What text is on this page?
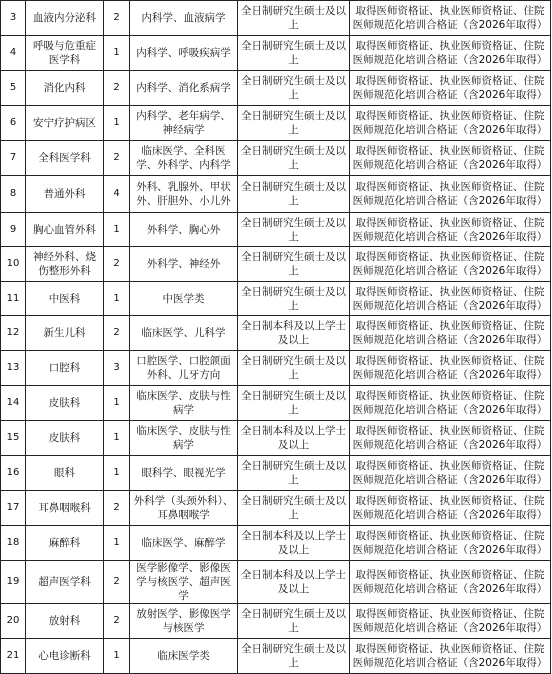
3	血液内分泌科	2	内科学、血液病学	全日制研究生硕士及以上	取得医师资格证、执业医师资格证、住院医师规范化培训合格证（含2026年取得）
4	呼吸与危重症医学科	1	内科学、呼吸疾病学	全日制研究生硕士及以上	取得医师资格证、执业医师资格证、住院医师规范化培训合格证（含2026年取得）
5	消化内科	2	内科学、消化系病学	全日制研究生硕士及以上	取得医师资格证、执业医师资格证、住院医师规范化培训合格证（含2026年取得）
6	安宁疗护病区	1	内科学、老年病学、神经病学	全日制研究生硕士及以上	取得医师资格证、执业医师资格证、住院医师规范化培训合格证（含2026年取得）
7	全科医学科	2	临床医学、全科医学、外科学、内科学	全日制研究生硕士及以上	取得医师资格证、执业医师资格证、住院医师规范化培训合格证（含2026年取得）
8	普通外科	4	外科、乳腺外、甲状外、肝胆外、小儿外	全日制研究生硕士及以上	取得医师资格证、执业医师资格证、住院医师规范化培训合格证（含2026年取得）
9	胸心血管外科	1	外科学、胸心外	全日制研究生硕士及以上	取得医师资格证、执业医师资格证、住院医师规范化培训合格证（含2026年取得）
10	神经外科、烧伤整形外科	2	外科学、神经外	全日制研究生硕士及以上	取得医师资格证、执业医师资格证、住院医师规范化培训合格证（含2026年取得）
11	中医科	1	中医学类	全日制研究生硕士及以上	取得医师资格证、执业医师资格证、住院医师规范化培训合格证（含2026年取得）
12	新生儿科	2	临床医学、儿科学	全日制本科及以上学士及以上	取得医师资格证、执业医师资格证、住院医师规范化培训合格证（含2026年取得）
13	口腔科	3	口腔医学、口腔颌面外科、儿牙方向	全日制研究生硕士及以上	取得医师资格证、执业医师资格证、住院医师规范化培训合格证（含2026年取得）
14	皮肤科	1	临床医学、皮肤与性病学	全日制研究生硕士及以上	取得医师资格证、执业医师资格证、住院医师规范化培训合格证（含2026年取得）
15	皮肤科	1	临床医学、皮肤与性病学	全日制本科及以上学士及以上	取得医师资格证、执业医师资格证、住院医师规范化培训合格证（含2026年取得）
16	眼科	1	眼科学、眼视光学	全日制研究生硕士及以上	取得医师资格证、执业医师资格证、住院医师规范化培训合格证（含2026年取得）
17	耳鼻咽喉科	2	外科学（头颈外科）、耳鼻咽喉学	全日制研究生硕士及以上	取得医师资格证、执业医师资格证、住院医师规范化培训合格证（含2026年取得）
18	麻醉科	1	临床医学、麻醉学	全日制本科及以上学士及以上	取得医师资格证、执业医师资格证、住院医师规范化培训合格证（含2026年取得）
19	超声医学科	2	医学影像学、影像医学与核医学、超声医学	全日制本科及以上学士及以上	取得医师资格证、执业医师资格证、住院医师规范化培训合格证（含2026年取得）
20	放射科	2	放射医学、影像医学与核医学	全日制研究生硕士及以上	取得医师资格证、执业医师资格证、住院医师规范化培训合格证（含2026年取得）
21	心电诊断科	1	临床医学类	全日制研究生硕士及以上	取得医师资格证、执业医师资格证、住院医师规范化培训合格证（含2026年取得）
